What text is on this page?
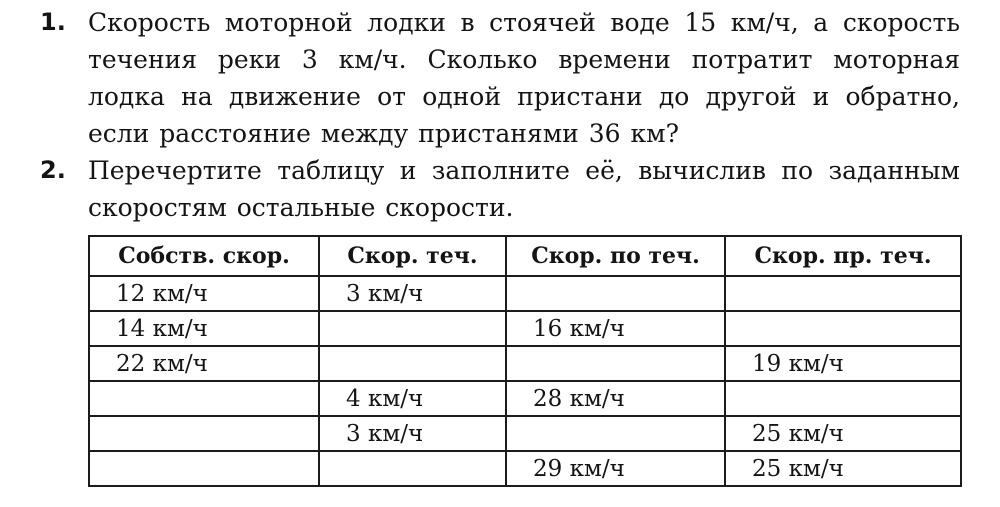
1. Скорость моторной лодки в стоячей воде 15 км/ч, а скорость течения реки 3 км/ч. Сколько времени потратит моторная лодка на движение от одной пристани до другой и обратно, если расстояние между пристанями 36 км?
2. Перечертите таблицу и заполните её, вычислив по заданным скоростям остальные скорости.
Собств. скор.	Скор. теч.	Скор. по теч.	Скор. пр. теч.
12 км/ч	3 км/ч		
14 км/ч		16 км/ч	
22 км/ч			19 км/ч
	4 км/ч	28 км/ч	
	3 км/ч		25 км/ч
		29 км/ч	25 км/ч
